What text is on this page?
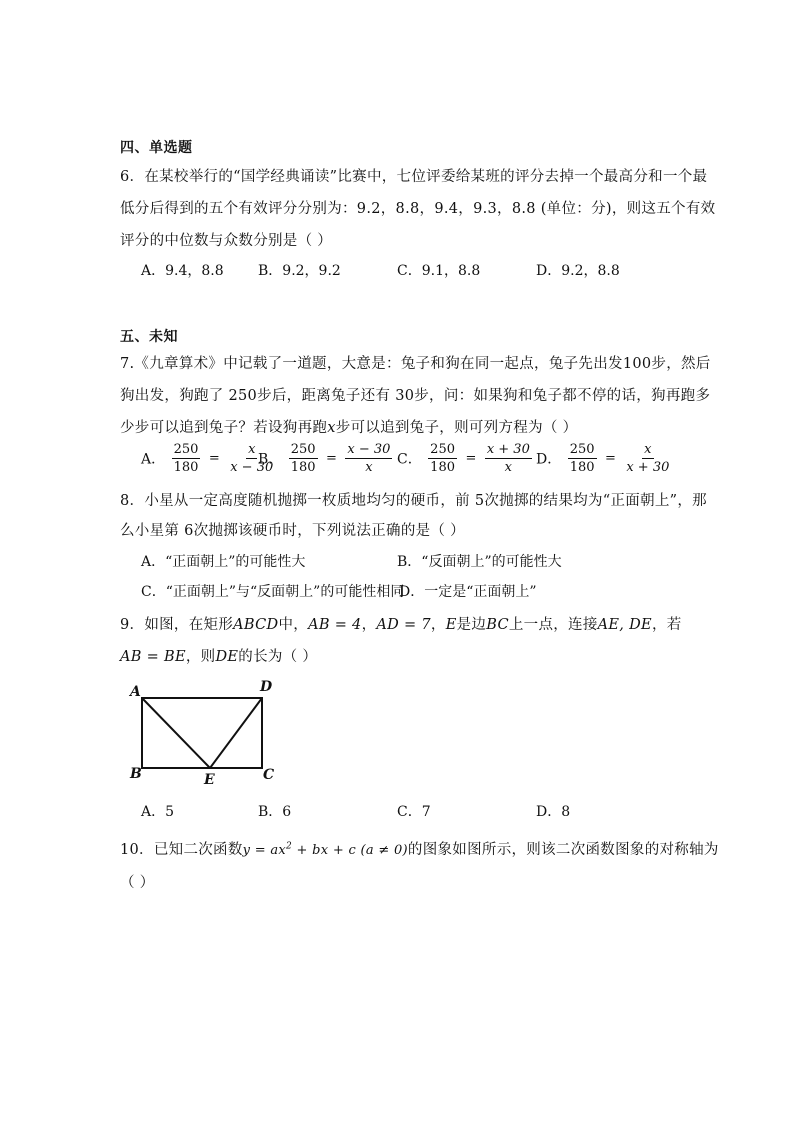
四、单选题
6．在某校举行的“国学经典诵读”比赛中，七位评委给某班的评分去掉一个最高分和一个最
低分后得到的五个有效评分分别为：9.2，8.8，9.4，9.3，8.8 (单位：分)，则这五个有效
评分的中位数与众数分别是（ ）
A．9.4，8.8 B．9.2，9.2	C．9.1，8.8	D．9.2，8.8
五、未知
7.《九章算术》中记载了一道题，大意是：兔子和狗在同一起点，兔子先出发100步，然后
狗出发，狗跑了 250步后，距离兔子还有 30步，问：如果狗和兔子都不停的话，狗再跑多
少步可以追到兔子？若设狗再跑x步可以追到兔子，则可列方程为（ ）
A． $\frac{250}{180} = \frac{x}{x - 30}$
B． $\frac{250}{180} = \frac{x - 30}{x}$ C． $\frac{250}{180} = \frac{x + 30}{x}$ D． $\frac{250}{180} = \frac{x}{x + 30}$
8．小星从一定高度随机抛掷一枚质地均匀的硬币，前 5次抛掷的结果均为“正面朝上”，那
么小星第 6次抛掷该硬币时，下列说法正确的是（ ）
A．“正面朝上”的可能性大	B．“反面朝上”的可能性大
C．“正面朝上”与“反面朝上”的可能性相同
D．一定是“正面朝上”
9．如图，在矩形ABCD中，AB = 4，AD = 7，E是边BC上一点，连接AE, DE，若
AB = BE，则DE的长为（ ）
A	D
B	E	C
A．5	B．6	C．7	D．8
10．已知二次函数$y = ax^2$ + bx + c (a ≠ 0)的图象如图所示，则该二次函数图象的对称轴为
（ ）
